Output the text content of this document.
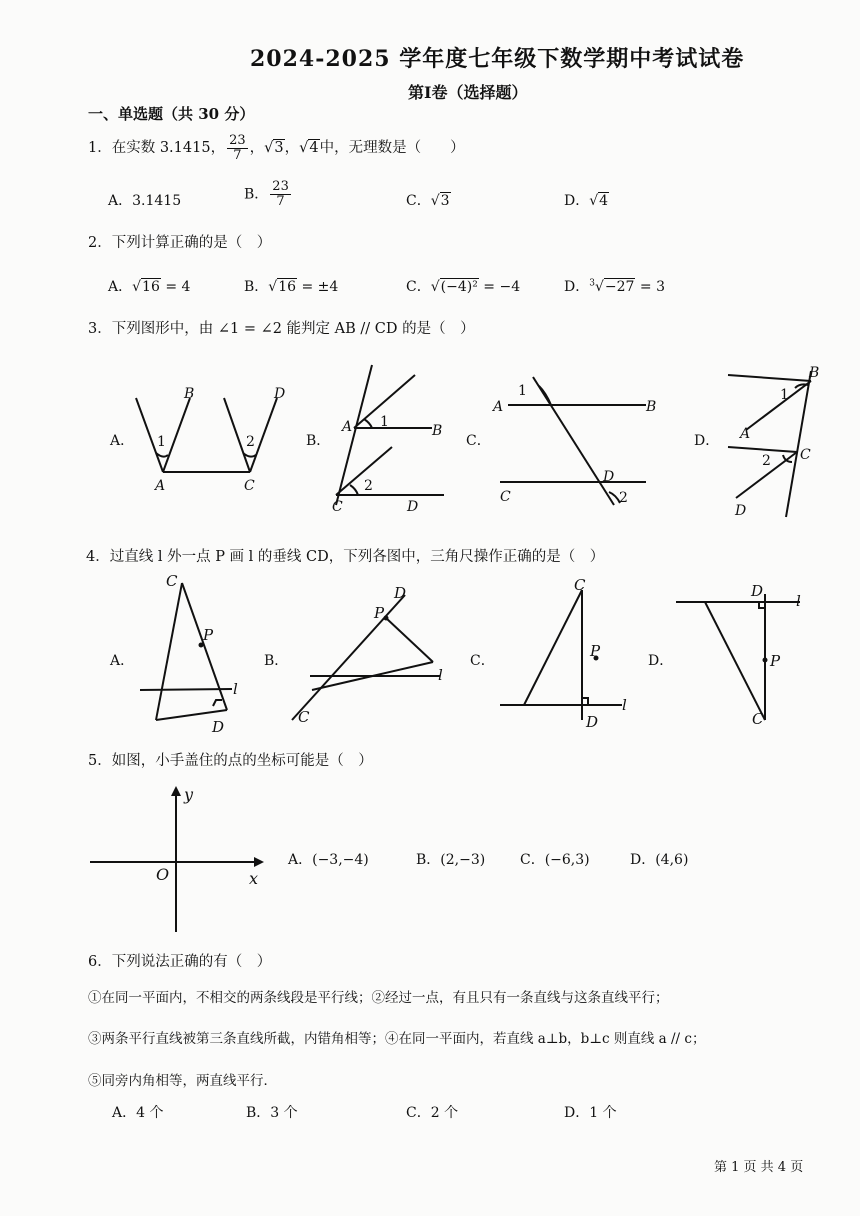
2024-2025 学年度七年级下数学期中考试试卷
第Ⅰ卷（选择题）
一、单选题（共 30 分）
1．在实数 3.1415， $\frac{23}{7}$ ，√3，√4中，无理数是（　　）
A．3.1415	B． $\frac{23}{7}$	C．√3	D．√4
2．下列计算正确的是（　）
A．√16 = 4	B．√16 = ±4	C．√(−4)² = −4	D．$^3$√−27 = 3
3．下列图形中，由 ∠1 = ∠2 能判定 AB // CD 的是（　）
A．	B．	C．	D．
B	D
A	C
1	2
A	B
C	D
1
2
A	B
C
D
1
2
B
A
C
D
1
2
4．过直线 l 外一点 P 画 l 的垂线 CD，下列各图中，三角尺操作正确的是（　）
A．	B．	C．	D．
C
P
l
D
D
P
l
C
C
P
l
D
D
l
P
C
5．如图，小手盖住的点的坐标可能是（　）
O	x
y
A．(−3,−4)	B．(2,−3) C．(−6,3)	D．(4,6)
6．下列说法正确的有（　）
①在同一平面内，不相交的两条线段是平行线；②经过一点，有且只有一条直线与这条直线平行；
③两条平行直线被第三条直线所截，内错角相等；④在同一平面内，若直线 a⊥b，b⊥c 则直线 a // c；
⑤同旁内角相等，两直线平行．
A．4 个	B．3 个	C．2 个	D．1 个
第 1 页 共 4 页
